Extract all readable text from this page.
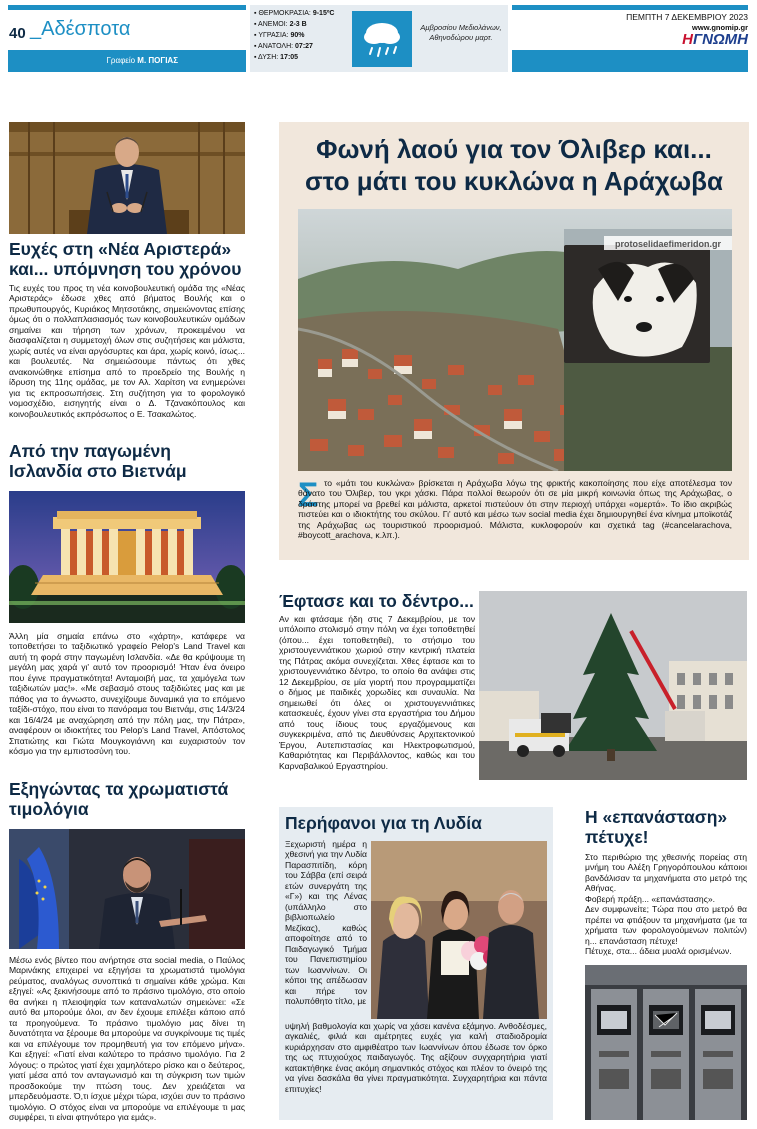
40 _Αδέσποτα
Γραφείο Μ. ΠΟΓΙΑΣ
▪ ΘΕΡΜΟΚΡΑΣΙΑ: 9-15ºC
▪ ΑΝΕΜΟΙ: 2-3 Β
▪ ΥΓΡΑΣΙΑ: 90%
▪ ΑΝΑΤΟΛΗ: 07:27
▪ ΔΥΣΗ: 17:05
Αμβροσίου Μεδιολάνων, Αθηνοδώρου μαρτ.
ΠΕΜΠΤΗ 7 ΔΕΚΕΜΒΡΙΟΥ 2023
www.gnomip.gr
ΗΓΝΩΜΗ
Ευχές στη «Νέα Αριστερά» και... υπόμνηση του χρόνου
Τις ευχές του προς τη νέα κοινοβουλευτική ομάδα της «Νέας Αριστεράς» έδωσε χθες από βήματος Βουλής και ο πρωθυπουργός, Κυριάκος Μητσοτάκης, σημειώνοντας επίσης όμως ότι ο πολλαπλασιασμός των κοινοβουλευτικών ομάδων σημαίνει και τήρηση των χρόνων, προκειμένου να διασφαλίζεται η συμμετοχή όλων στις συζητήσεις και μάλιστα, χωρίς αυτές να είναι αργόσυρτες και άρα, χωρίς κοινό, ίσως... και βουλευτές. Να σημειώσουμε πάντως ότι χθες ανακοινώθηκε επίσημα από το προεδρείο της Βουλής η ίδρυση της 11ης ομάδας, με τον Αλ. Χαρίτση να ενημερώνει για τις εκπροσωπήσεις. Στη συζήτηση για το φορολογικό νομοσχέδιο, εισηγητής είναι ο Δ. Τζανακόπουλος και κοινοβουλευτικός εκπρόσωπος ο Ε. Τσακαλώτος.
Από την παγωμένη Ισλανδία στο Βιετνάμ
Άλλη μία σημαία επάνω στο «χάρτη», κατάφερε να τοποθετήσει το ταξιδιωτικό γραφείο Pelop's Land Travel και αυτή τη φορά στην παγωμένη Ισλανδία. «Δε θα κρύψουμε τη μεγάλη μας χαρά γι' αυτό τον προορισμό! Ήταν ένα όνειρο που έγινε πραγματικότητα! Ανταμοιβή μας, τα χαμόγελα των ταξιδιωτών μας!». «Με σεβασμό στους ταξιδιώτες μας και με πάθος για το άγνωστο, συνεχίζουμε δυναμικά για το επόμενο ταξίδι-στόχο, που είναι το πανόραμα του Βιετνάμ, στις 14/3/24 και 16/4/24 με αναχώρηση από την πόλη μας, την Πάτρα», αναφέρουν οι ιδιοκτήτες του Pelop's Land Travel, Απόστολος Σπατιώτης και Γιώτα Μουγκογιάννη και ευχαριστούν τον κόσμο για την εμπιστοσύνη του.
Εξηγώντας τα χρωματιστά τιμολόγια
Μέσω ενός βίντεο που ανήρτησε στα social media, ο Παύλος Μαρινάκης επιχειρεί να εξηγήσει τα χρωματιστά τιμολόγια ρεύματος, αναλόγως συνοπτικά τι σημαίνει κάθε χρώμα. Και εξηγεί: «Ας ξεκινήσουμε από το πράσινο τιμολόγιο, στο οποίο θα ανήκει η πλειοψηφία των καταναλωτών σημειώνει: «Σε αυτό θα μπορούμε όλοι, αν δεν έχουμε επιλέξει κάποιο από τα προηγούμενα. Το πράσινο τιμολόγιο μας δίνει τη δυνατότητα να ξέρουμε θα μπορούμε να συγκρίνουμε τις τιμές και να επιλέγουμε τον προμηθευτή για τον επόμενο μήνα». Και εξηγεί: «Γιατί είναι καλύτερο το πράσινο τιμολόγιο. Για 2 λόγους: ο πρώτος γιατί έχει χαμηλότερο ρίσκο και ο δεύτερος, γιατί μέσα από τον ανταγωνισμό και τη σύγκριση των τιμών προσδοκούμε την πτώση τους. Δεν χρειάζεται να μπερδευόμαστε. Ό,τι ίσχυε μέχρι τώρα, ισχύει συν το πράσινο τιμολόγιο. Ο στόχος είναι να μπορούμε να επιλέγουμε τι μας συμφέρει, τι είναι φτηνότερο για εμάς».
Φωνή λαού για τον Όλιβερ και...
στο μάτι του κυκλώνα η Αράχωβα
protoselidaefimeridon.gr
Σ το «μάτι του κυκλώνα» βρίσκεται η Αράχωβα λόγω της φρικτής κακοποίησης που είχε αποτέλεσμα τον θάνατο του Όλιβερ, του γκρι χάσκι. Πάρα πολλοί θεωρούν ότι σε μία μικρή κοινωνία όπως της Αράχωβας, ο δράστης μπορεί να βρεθεί και μάλιστα, αρκετοί πιστεύουν ότι στην περιοχή υπάρχει «ομερτά». Το ίδιο ακριβώς πιστεύει και ο ιδιοκτήτης του σκύλου. Γι' αυτό και μέσω των social media έχει δημιουργηθεί ένα κίνημα μποϊκοτάζ της Αράχωβας ως τουριστικού προορισμού. Μάλιστα, κυκλοφορούν και σχετικά tag (#cancelarachova, #boycott_arachova, κ.λπ.).
Έφτασε και το δέντρο...
Αν και φτάσαμε ήδη στις 7 Δεκεμβρίου, με τον υπόλοιπο στολισμό στην πόλη να έχει τοποθετηθεί (όπου... έχει τοποθετηθεί), το στήσιμο του χριστουγεννιάτικου χωριού στην κεντρική πλατεία της Πάτρας ακόμα συνεχίζεται. Χθες έφτασε και το χριστουγεννιάτικο δέντρο, το οποίο θα ανάψει στις 12 Δεκεμβρίου, σε μία γιορτή που προγραμματίζει ο δήμος με παιδικές χορωδίες και συναυλία. Να σημειωθεί ότι όλες οι χριστουγεννιάτικες κατασκευές, έχουν γίνει στα εργαστήρια του Δήμου από τους ίδιους τους εργαζόμενους και συγκεκριμένα, από τις Διευθύνσεις Αρχιτεκτονικού Έργου, Αυτεπιστασίας και Ηλεκτροφωτισμού, Καθαριότητας και Περιβάλλοντος, καθώς και του Καρναβαλικού Εργαστηρίου.
Περήφανοι για τη Λυδία
Ξεχωριστή ημέρα η χθεσινή για την Λυδία Παρασπιτίδη, κόρη του Σάββα (επί σειρά ετών συνεργάτη της «Γ») και της Λένας (υπάλληλο στο βιβλιοπωλείο Μεζίκας), καθώς αποφοίτησε από το Παιδαγωγικό Τμήμα του Πανεπιστημίου των Ιωαννίνων. Οι κόποι της απέδωσαν και πήρε τον πολυπόθητο τίτλο, με
υψηλή βαθμολογία και χωρίς να χάσει κανένα εξάμηνο. Ανθοδέσμες, αγκαλιές, φιλιά και αμέτρητες ευχές για καλή σταδιοδρομία κυριάρχησαν στο αμφιθέατρο των Ιωαννίνων όπου έδωσε τον όρκο της ως πτυχιούχος παιδαγωγός. Της αξίζουν συγχαρητήρια γιατί κατακτήθηκε ένας ακόμη σημαντικός στόχος και πλέον το όνειρό της να γίνει δασκάλα θα γίνει πραγματικότητα. Συγχαρητήρια και πάντα επιτυχίες!
Η «επανάσταση» πέτυχε!
Στο περιθώριο της χθεσινής πορείας στη μνήμη του Αλέξη Γρηγορόπουλου κάποιοι βανδάλισαν τα μηχανήματα στο μετρό της Αθήνας.
Φοβερή πράξη... «επανάστασης».
Δεν συμφωνείτε; Τώρα που στο μετρό θα πρέπει να φτιάξουν τα μηχανήματα (με τα χρήματα των φορολογούμενων πολιτών) η... επανάσταση πέτυχε!
Πέτυχε, στα... άδεια μυαλά ορισμένων.
